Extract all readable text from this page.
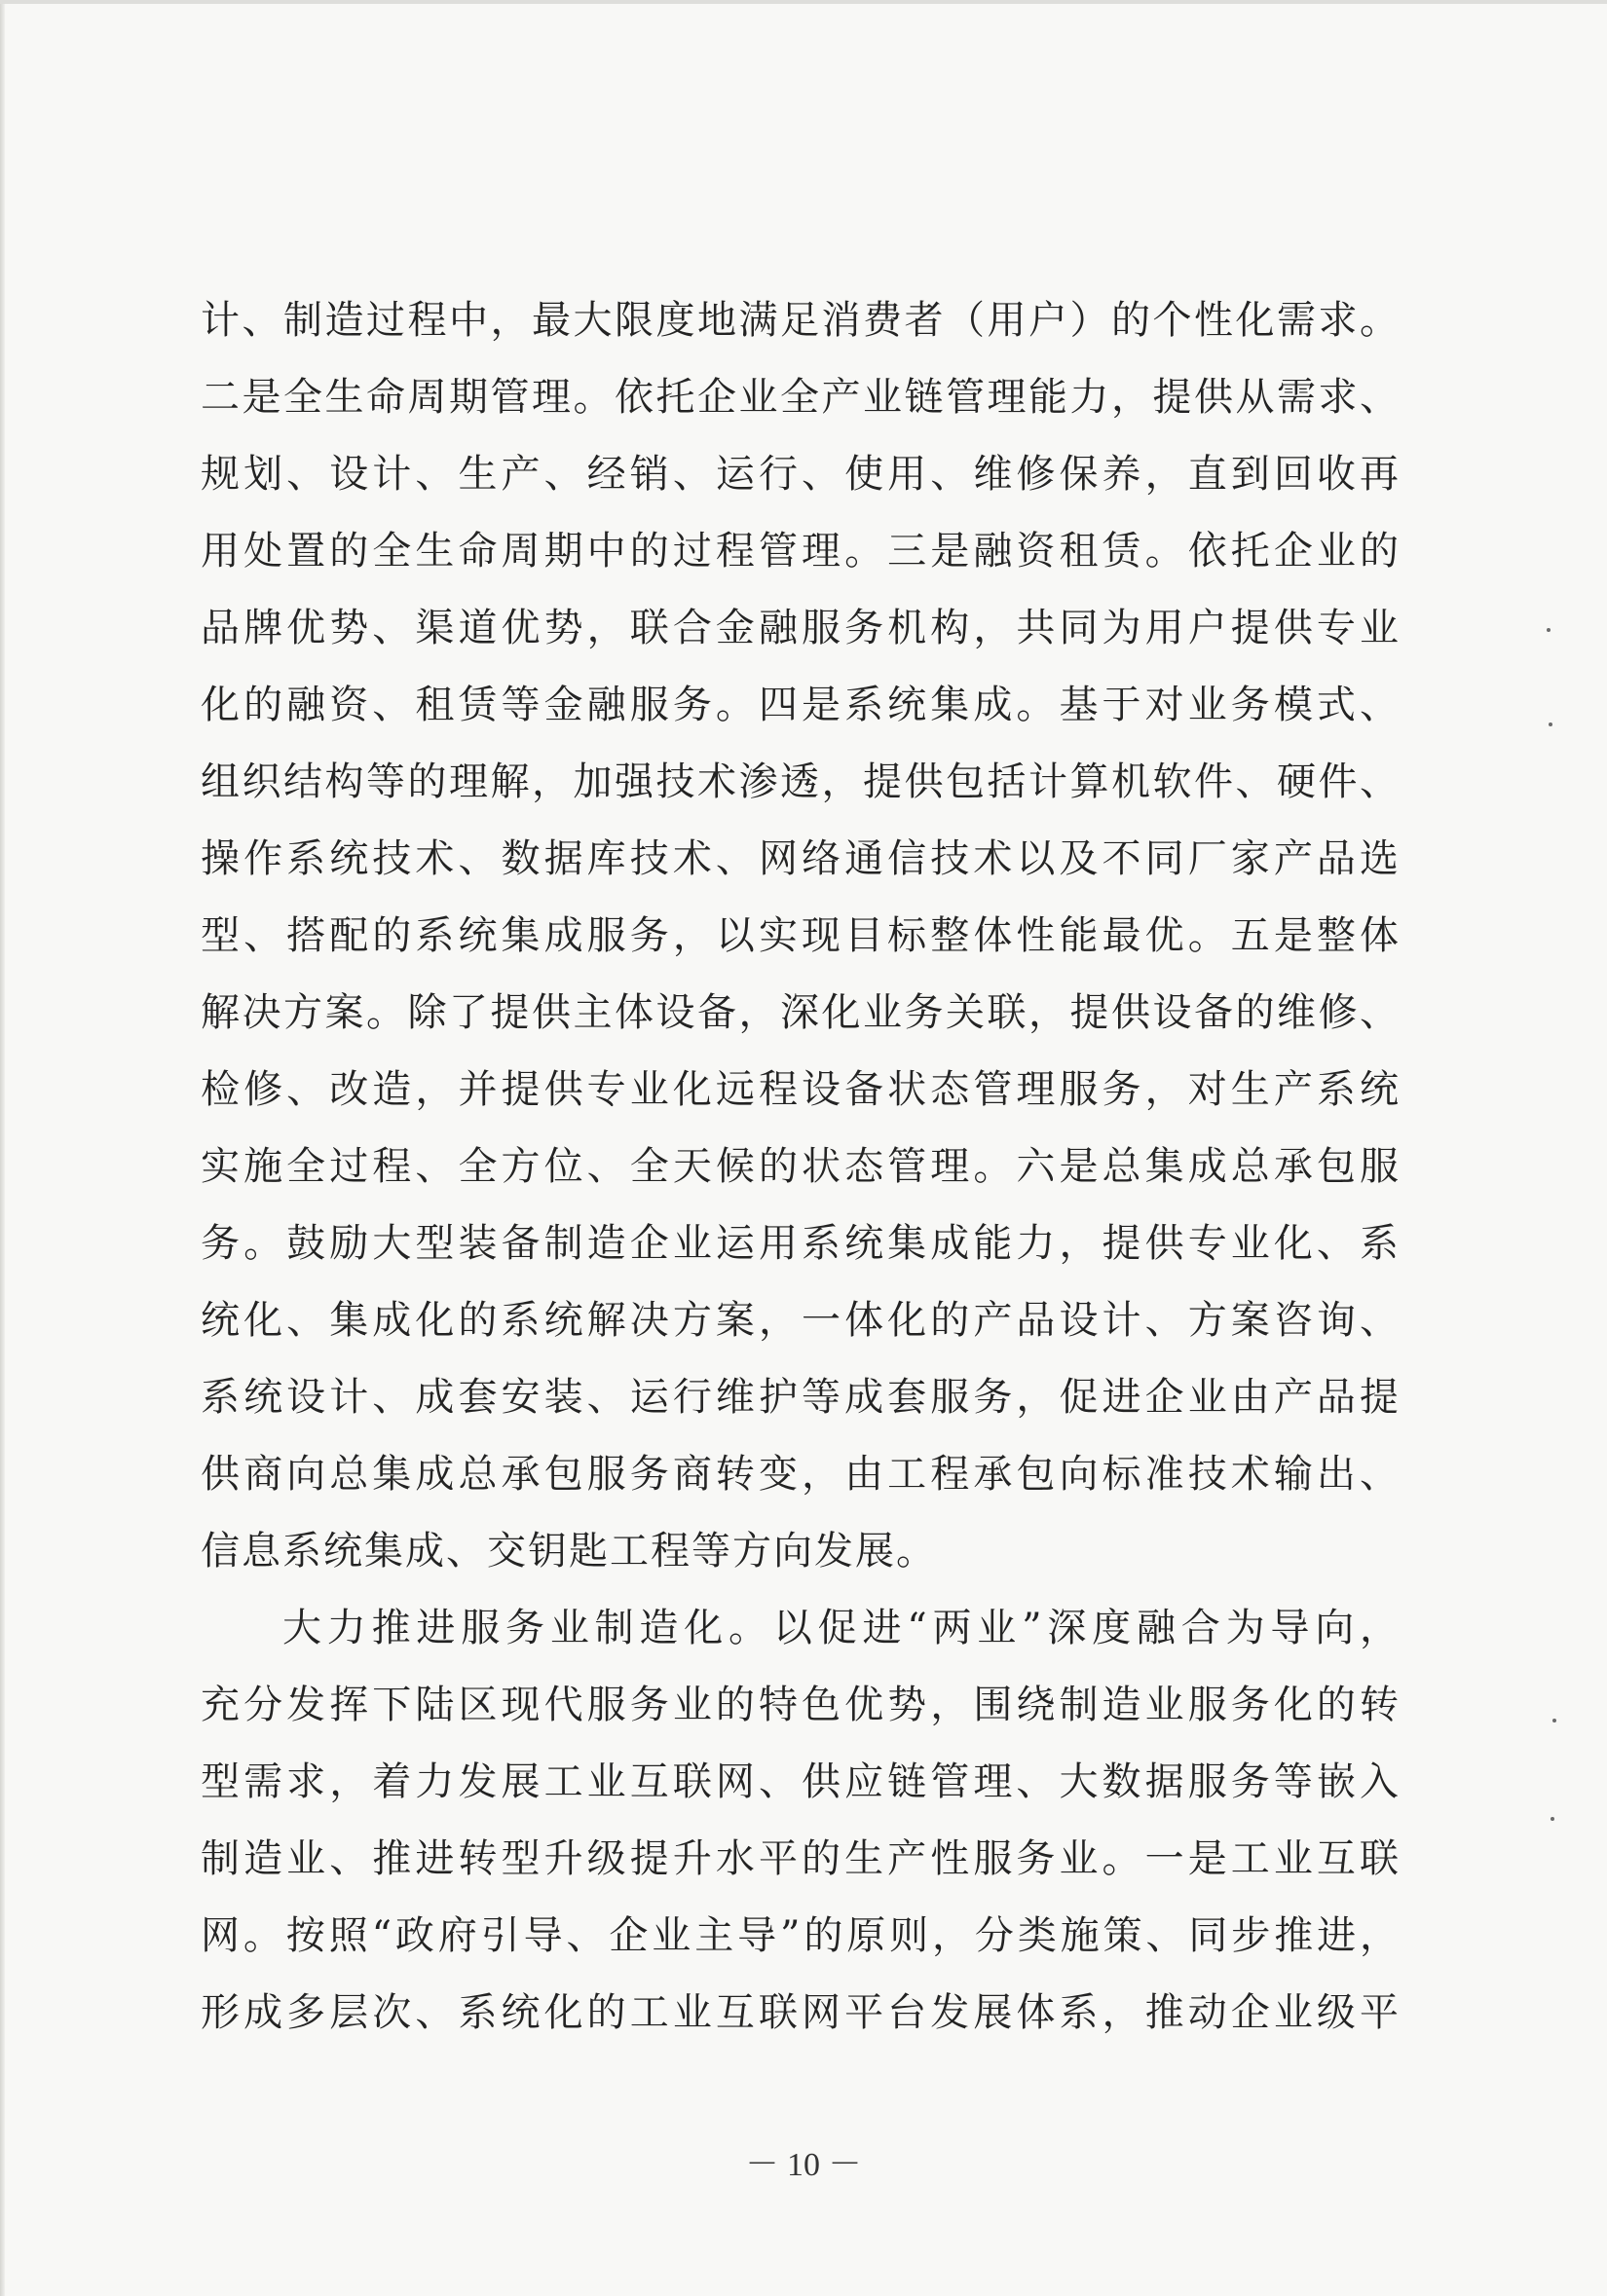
计、制造过程中，最大限度地满足消费者（用户）的个性化需求。
二是全生命周期管理。依托企业全产业链管理能力，提供从需求、
规划、设计、生产、经销、运行、使用、维修保养，直到回收再
用处置的全生命周期中的过程管理。三是融资租赁。依托企业的
品牌优势、渠道优势，联合金融服务机构，共同为用户提供专业
化的融资、租赁等金融服务。四是系统集成。基于对业务模式、
组织结构等的理解，加强技术渗透，提供包括计算机软件、硬件、
操作系统技术、数据库技术、网络通信技术以及不同厂家产品选
型、搭配的系统集成服务，以实现目标整体性能最优。五是整体
解决方案。除了提供主体设备，深化业务关联，提供设备的维修、
检修、改造，并提供专业化远程设备状态管理服务，对生产系统
实施全过程、全方位、全天候的状态管理。六是总集成总承包服
务。鼓励大型装备制造企业运用系统集成能力，提供专业化、系
统化、集成化的系统解决方案，一体化的产品设计、方案咨询、
系统设计、成套安装、运行维护等成套服务，促进企业由产品提
供商向总集成总承包服务商转变，由工程承包向标准技术输出、
信息系统集成、交钥匙工程等方向发展。
大力推进服务业制造化。以促进“两业”深度融合为导向，
充分发挥下陆区现代服务业的特色优势，围绕制造业服务化的转
型需求，着力发展工业互联网、供应链管理、大数据服务等嵌入
制造业、推进转型升级提升水平的生产性服务业。一是工业互联
网。按照“政府引导、企业主导”的原则，分类施策、同步推进，
形成多层次、系统化的工业互联网平台发展体系，推动企业级平
－ 10 －
